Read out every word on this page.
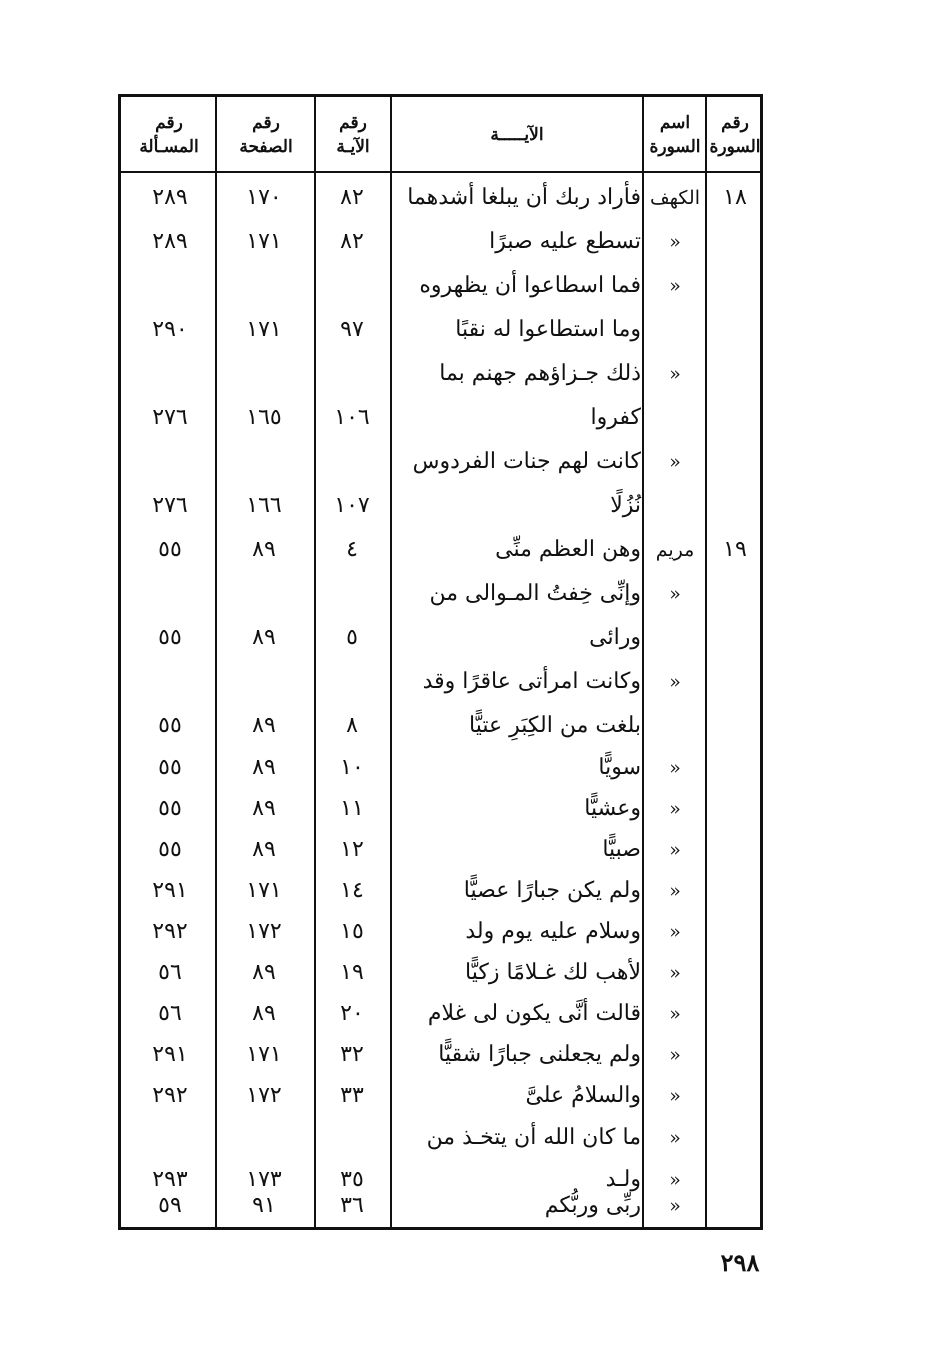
رقم
السورة
اسم
السورة
الآيـــــة
رقم
الآيـة
رقم
الصفحة
رقم
المسـألة
١٨
الكهف
فأراد ربك أن يبلغا أشدهما
٨٢
١٧٠
٢٨٩
»
تسطع عليه صبرًا
٨٢
١٧١
٢٨٩
»
فما اسطاعوا أن يظهروه
وما استطاعوا له نقبًا
٩٧
١٧١
٢٩٠
»
ذلك جـزاؤهم جهنم بما
كفروا
١٠٦
١٦٥
٢٧٦
»
كانت لهم جنات الفردوس
نُزُلًا
١٠٧
١٦٦
٢٧٦
١٩
مريم
وهن العظم منِّى
٤
٨٩
٥٥
»
وإنِّى خِفتُ المـوالى من
ورائى
٥
٨٩
٥٥
»
وكانت امرأتى عاقرًا وقد
بلغت من الكِبَرِ عتيًّا
٨
٨٩
٥٥
»
سويًّا
١٠
٨٩
٥٥
»
وعشيًّا
١١
٨٩
٥٥
»
صبيًّا
١٢
٨٩
٥٥
»
ولم يكن جبارًا عصيًّا
١٤
١٧١
٢٩١
»
وسلام عليه يوم ولد
١٥
١٧٢
٢٩٢
»
لأهب لك غـلامًا زكيًّا
١٩
٨٩
٥٦
»
قالت أنَّى يكون لى غلام
٢٠
٨٩
٥٦
»
ولم يجعلنى جبارًا شقيًّا
٣٢
١٧١
٢٩١
»
والسلامُ علىَّ
٣٣
١٧٢
٢٩٢
»
ما كان الله أن يتخـذ من
»
ولـد
٣٥
١٧٣
٢٩٣
»
ربِّى وربُّكم
٣٦
٩١
٥٩
٢٩٨
